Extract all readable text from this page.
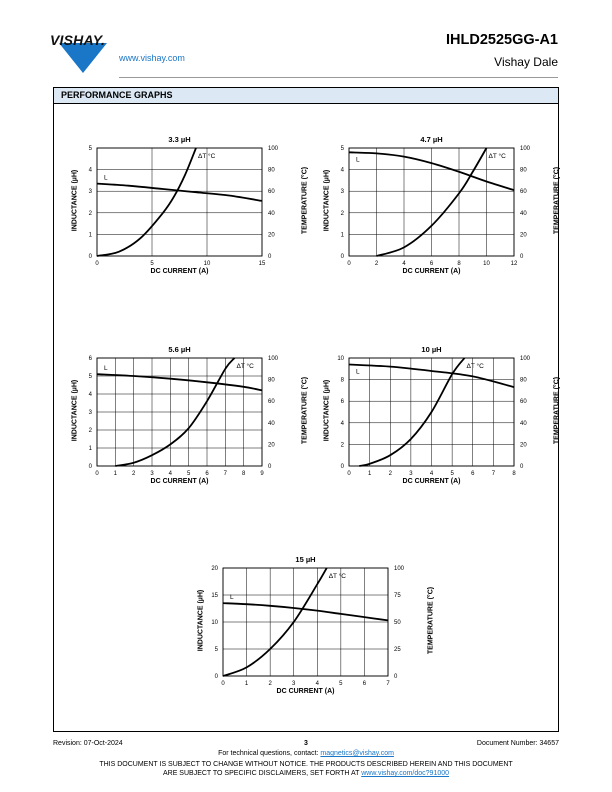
VISHAY.
www.vishay.com
IHLD2525GG-A1
Vishay Dale
PERFORMANCE GRAPHS
0	5	10	15
0
1
2
3
4
5
0
20
40
60
80
100
L
ΔT °C
3.3 µH
DC CURRENT (A)
INDUCTANCE (µH)	TEMPERATURE (°C)
0	2	4	6	8	10	12
0
1
2
3
4
5
0
20
40
60
80
100
L	ΔT °C
4.7 µH
DC CURRENT (A)
INDUCTANCE (µH)	TEMPERATURE (°C)
0 1 2 3 4 5 6 7 8 9
0
1
2
3
4
5
6
0
20
40
60
80
100
L	ΔT °C
5.6 µH
DC CURRENT (A)
INDUCTANCE (µH)	TEMPERATURE (°C)
0	1	2	3	4	5	6	7	8
0
2
4
6
8
10
0
20
40
60
80
100
L
ΔT °C
10 µH
DC CURRENT (A)
INDUCTANCE (µH)	TEMPERATURE (°C)
0	1	2	3	4	5	6	7
0
5
10
15
20
0
25
50
75
100
L
ΔT °C
15 µH
DC CURRENT (A)
INDUCTANCE (µH)	TEMPERATURE (°C)
Revision: 07-Oct-2024	3	Document Number: 34657
For technical questions, contact: magnetics@vishay.com
THIS DOCUMENT IS SUBJECT TO CHANGE WITHOUT NOTICE. THE PRODUCTS DESCRIBED HEREIN AND THIS DOCUMENT
ARE SUBJECT TO SPECIFIC DISCLAIMERS, SET FORTH AT www.vishay.com/doc?91000
